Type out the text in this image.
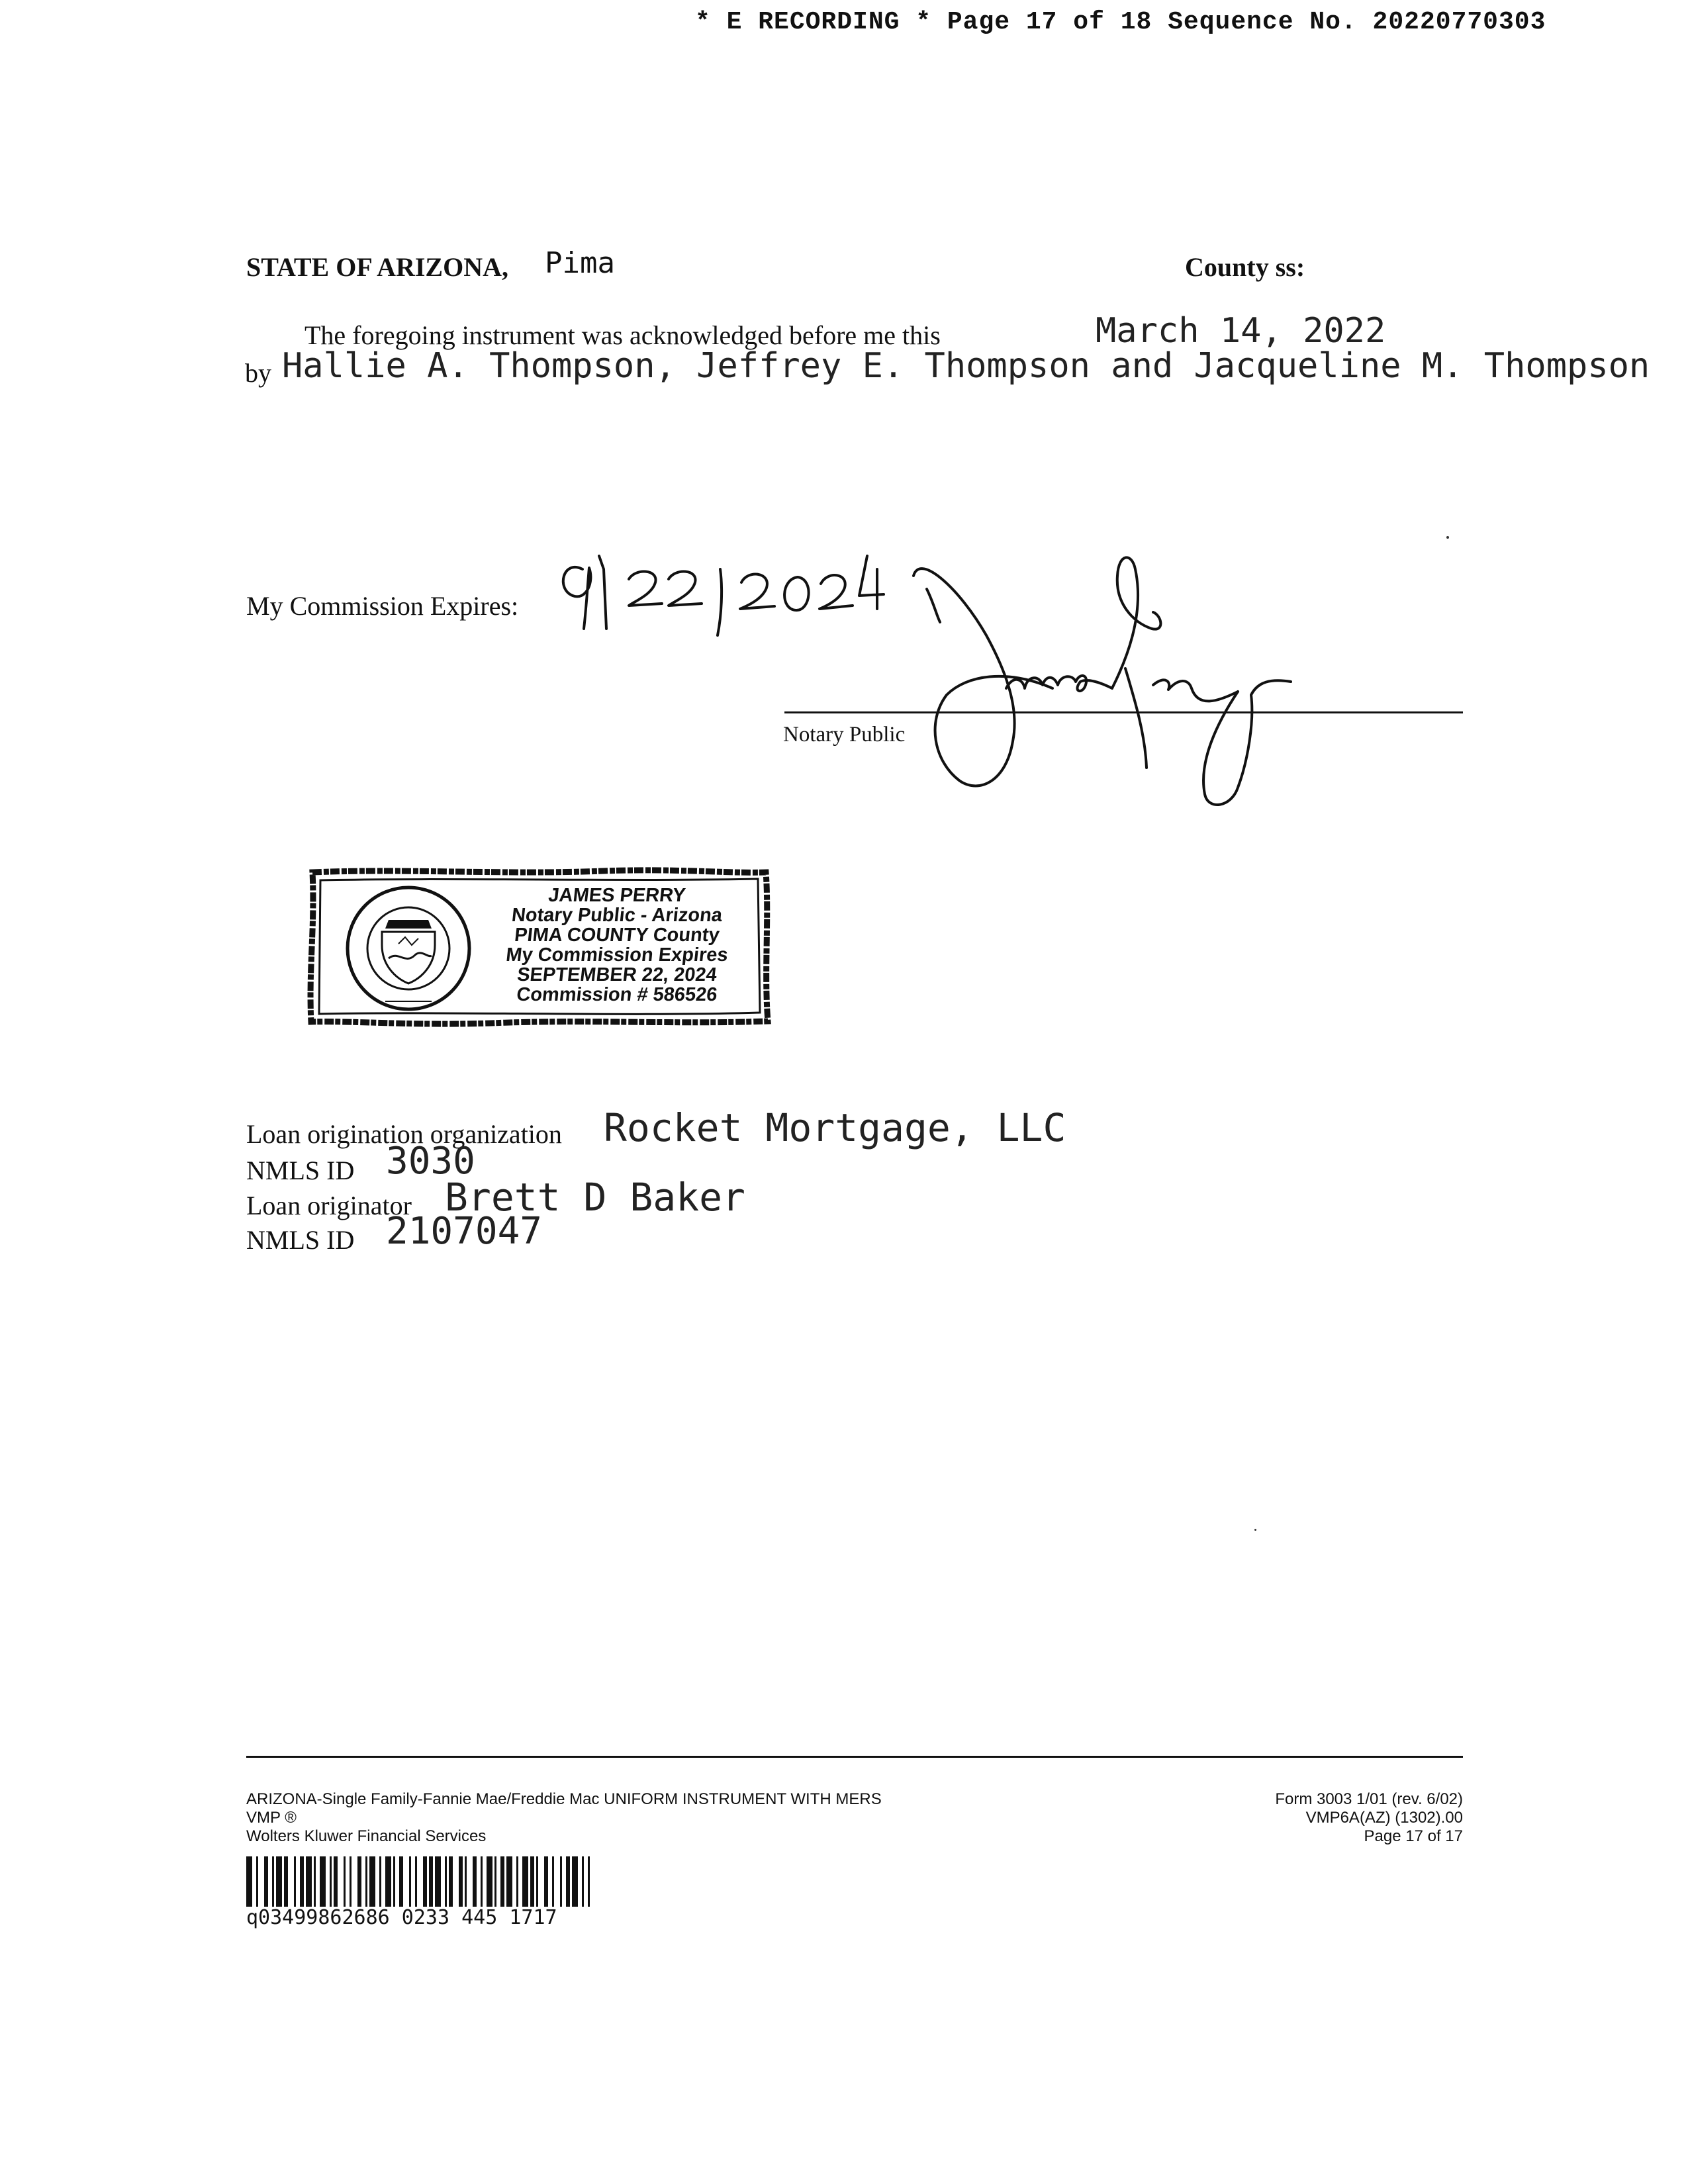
* E RECORDING * Page 17 of 18 Sequence No. 20220770303
STATE OF ARIZONA, Pima	County ss:
The foregoing instrument was acknowledged before me this	March 14, 2022
by Hallie A. Thompson, Jeffrey E. Thompson and Jacqueline M. Thompson
My Commission Expires:
Notary Public
JAMES PERRY
Notary Public - Arizona
PIMA COUNTY County
My Commission Expires
SEPTEMBER 22, 2024
Commission # 586526
Loan origination organization Rocket Mortgage, LLC
NMLS ID 3030
Loan originator Brett D Baker
NMLS ID 2107047
ARIZONA-Single Family-Fannie Mae/Freddie Mac UNIFORM INSTRUMENT WITH MERS
VMP ®
Wolters Kluwer Financial Services
Form 3003 1/01 (rev. 6/02)
VMP6A(AZ) (1302).00
Page 17 of 17
q03499862686 0233 445 1717
